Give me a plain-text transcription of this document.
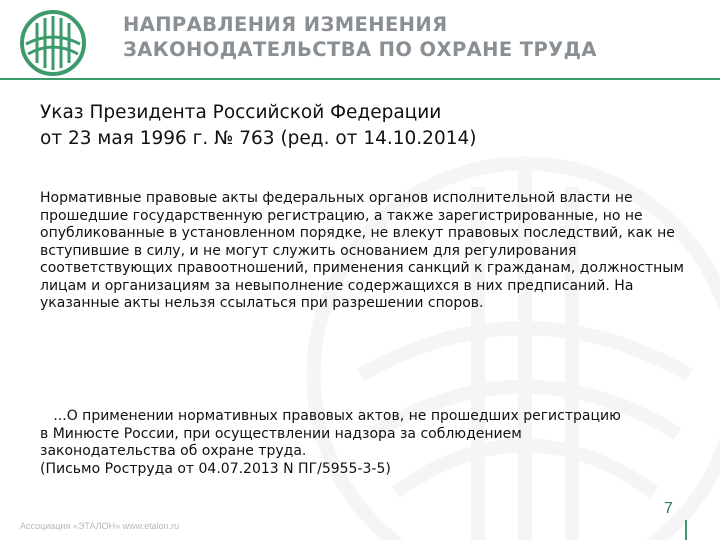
НАПРАВЛЕНИЯ ИЗМЕНЕНИЯ
ЗАКОНОДАТЕЛЬСТВА ПО ОХРАНЕ ТРУДА
Указ Президента Российской Федерации
от 23 мая 1996 г. № 763 (ред. от 14.10.2014)
Нормативные правовые акты федеральных органов исполнительной власти не прошедшие государственную регистрацию, а также зарегистрированные, но не опубликованные в установленном порядке, не влекут правовых последствий, как не вступившие в силу, и не могут служить основанием для регулирования соответствующих правоотношений, применения санкций к гражданам, должностным лицам и организациям за невыполнение содержащихся в них предписаний. На указанные акты нельзя ссылаться при разрешении споров.
...О применении нормативных правовых актов, не прошедших регистрацию
в Минюсте России, при осуществлении надзора за соблюдением
законодательства об охране труда.
(Письмо Роструда от 04.07.2013 N ПГ/5955-3-5)
Ассоциация «ЭТАЛОН» www.etalon.ru
7
